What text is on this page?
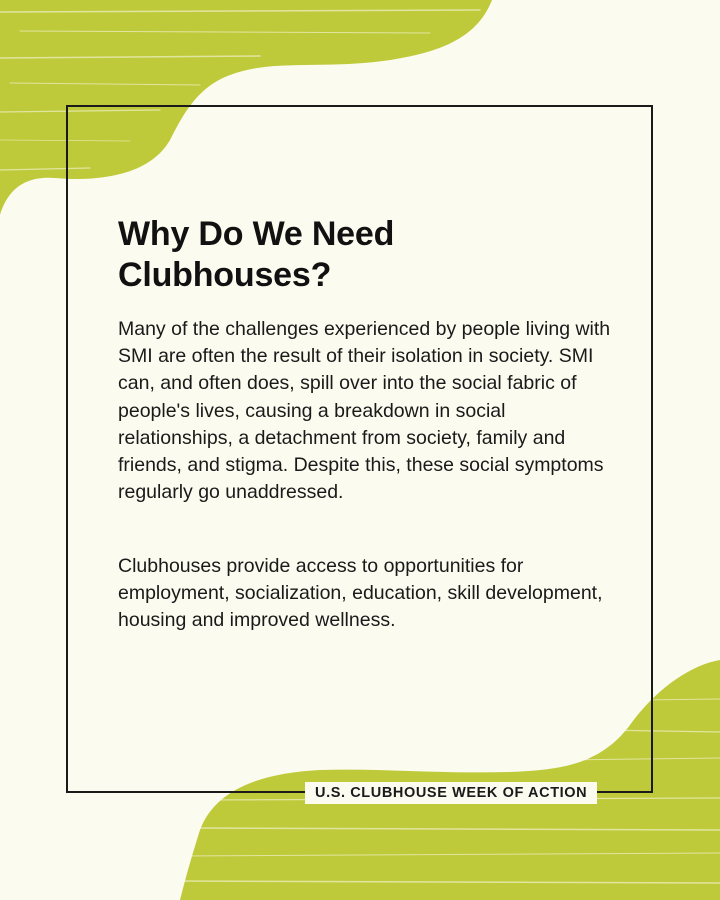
Why Do We Need
Clubhouses?

Many of the challenges experienced by people living with SMI are often the result of their isolation in society. SMI can, and often does, spill over into the social fabric of people's lives, causing a breakdown in social relationships, a detachment from society, family and friends, and stigma. Despite this, these social symptoms regularly go unaddressed.

Clubhouses provide access to opportunities for employment, socialization, education, skill development, housing and improved wellness.

U.S. CLUBHOUSE WEEK OF ACTION
